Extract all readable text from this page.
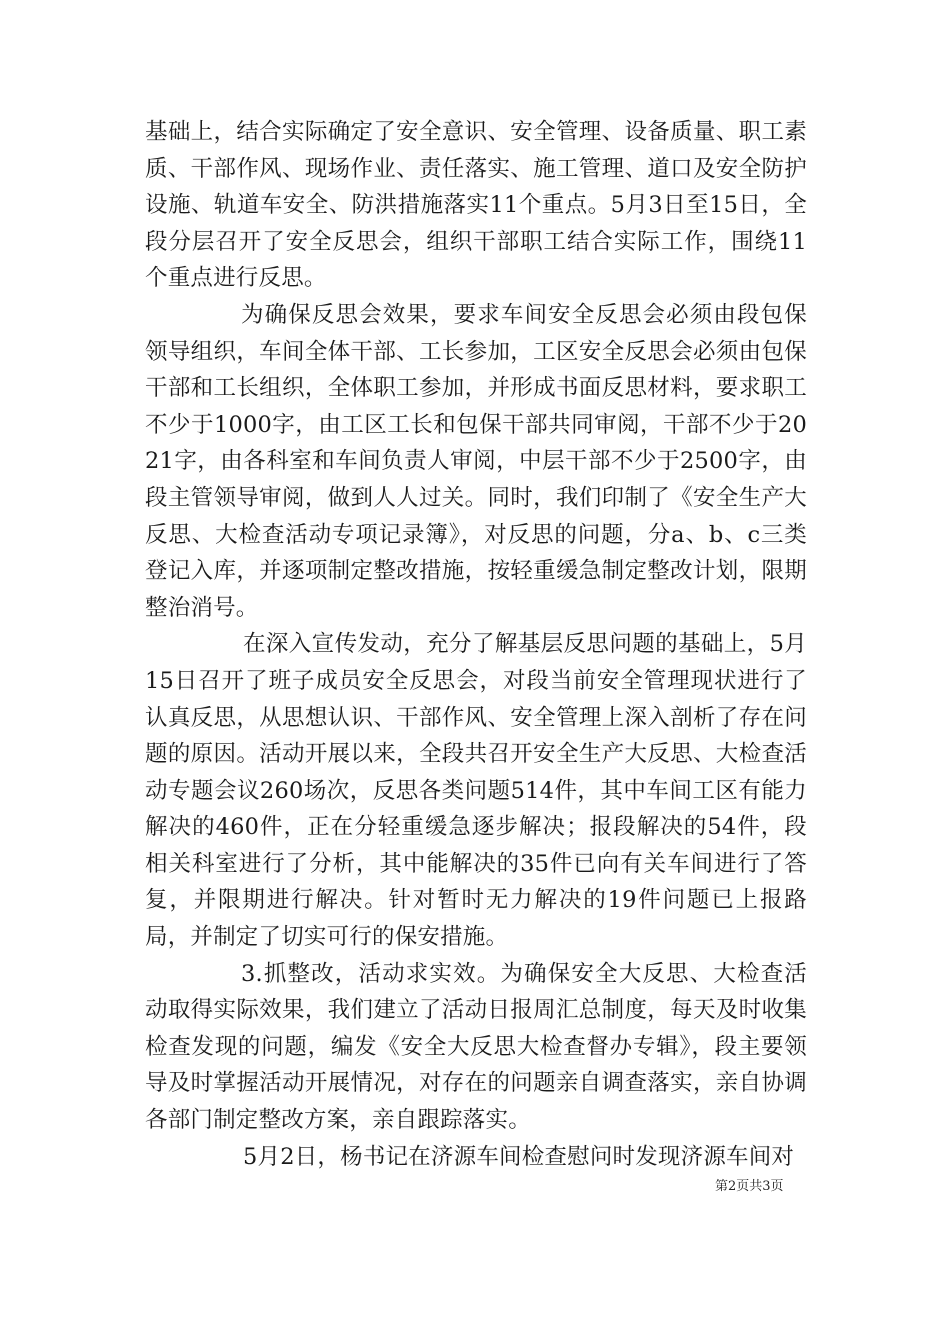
基础上，结合实际确定了安全意识、安全管理、设备质量、职工素质、干部作风、现场作业、责任落实、施工管理、道口及安全防护设施、轨道车安全、防洪措施落实11个重点。5月3日至15日，全段分层召开了安全反思会，组织干部职工结合实际工作，围绕11个重点进行反思。

为确保反思会效果，要求车间安全反思会必须由段包保领导组织，车间全体干部、工长参加，工区安全反思会必须由包保干部和工长组织，全体职工参加，并形成书面反思材料，要求职工不少于1000字，由工区工长和包保干部共同审阅，干部不少于2021字，由各科室和车间负责人审阅，中层干部不少于2500字，由段主管领导审阅，做到人人过关。同时，我们印制了《安全生产大反思、大检查活动专项记录簿》，对反思的问题，分a、b、c三类登记入库，并逐项制定整改措施，按轻重缓急制定整改计划，限期整治消号。

在深入宣传发动，充分了解基层反思问题的基础上，5月15日召开了班子成员安全反思会，对段当前安全管理现状进行了认真反思，从思想认识、干部作风、安全管理上深入剖析了存在问题的原因。活动开展以来，全段共召开安全生产大反思、大检查活动专题会议260场次，反思各类问题514件，其中车间工区有能力解决的460件，正在分轻重缓急逐步解决；报段解决的54件，段相关科室进行了分析，其中能解决的35件已向有关车间进行了答复，并限期进行解决。针对暂时无力解决的19件问题已上报路局，并制定了切实可行的保安措施。

3.抓整改，活动求实效。为确保安全大反思、大检查活动取得实际效果，我们建立了活动日报周汇总制度，每天及时收集检查发现的问题，编发《安全大反思大检查督办专辑》，段主要领导及时掌握活动开展情况，对存在的问题亲自调查落实，亲自协调各部门制定整改方案，亲自跟踪落实。

5月2日，杨书记在济源车间检查慰问时发现济源车间对

第2页共3页
